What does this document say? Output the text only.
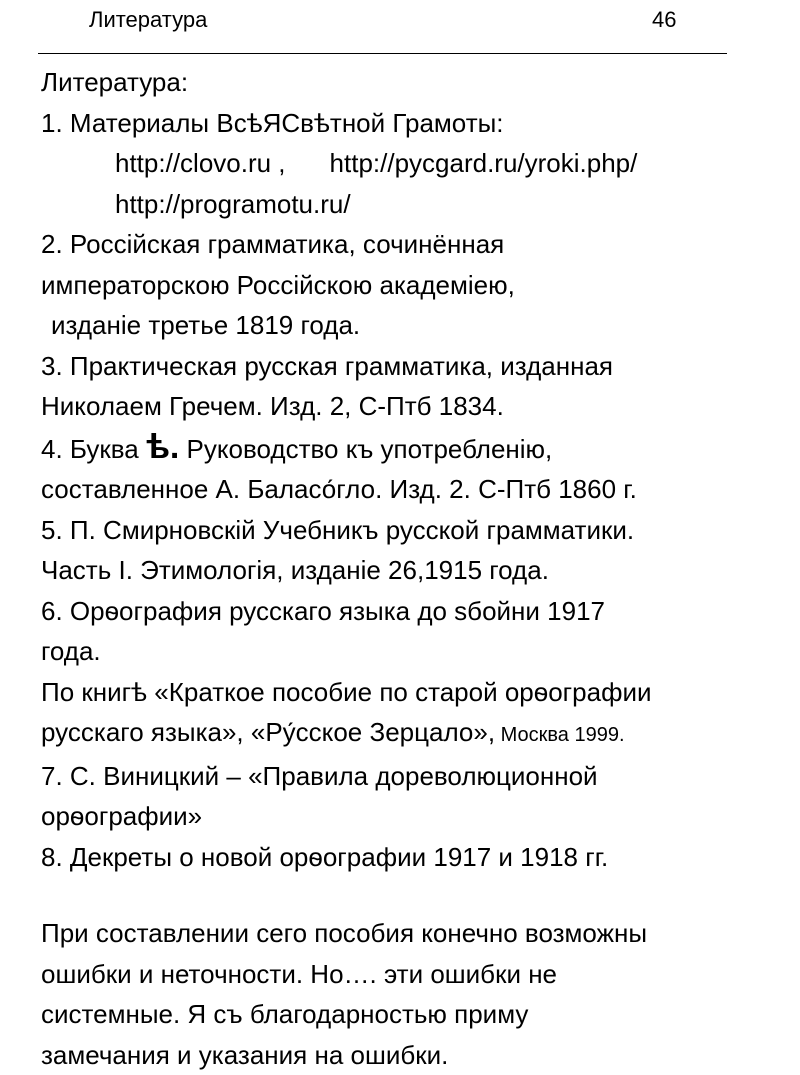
Литература	46
Литература:
1. Материалы ВсѣЯСвѣтной Грамоты:
http://clovo.ru , http://pycgard.ru/yroki.php/
http://programotu.ru/
2. Россiйская грамматика, сочинённая
императорскою Россiйскою академiею,
изданiе третье 1819 года.
3. Практическая русская грамматика, изданная
Николаем Гречем. Изд. 2, С-Птб 1834.
4. Буква ѣ. Руководство къ употребленiю,
составленное А. Баласо́гло. Изд. 2. С-Птб 1860 г.
5. П. Смирновскiй Учебникъ русской грамматики.
Часть I. Этимологiя, изданiе 26,1915 года.
6. Орѳография русскаго языка до ѕбойни 1917
года.
По книгѣ «Краткое пособие по старой орѳографии
русскаго языка», «Ру́сское Зерцало», Москва 1999.
7. С. Виницкий – «Правила дореволюционной
орѳографии»
8. Декреты о новой орѳографии 1917 и 1918 гг.
При составлении сего пособия конечно возможны
ошибки и неточности. Но…. эти ошибки не
системные. Я съ благодарностью приму
замечания и указания на ошибки.
